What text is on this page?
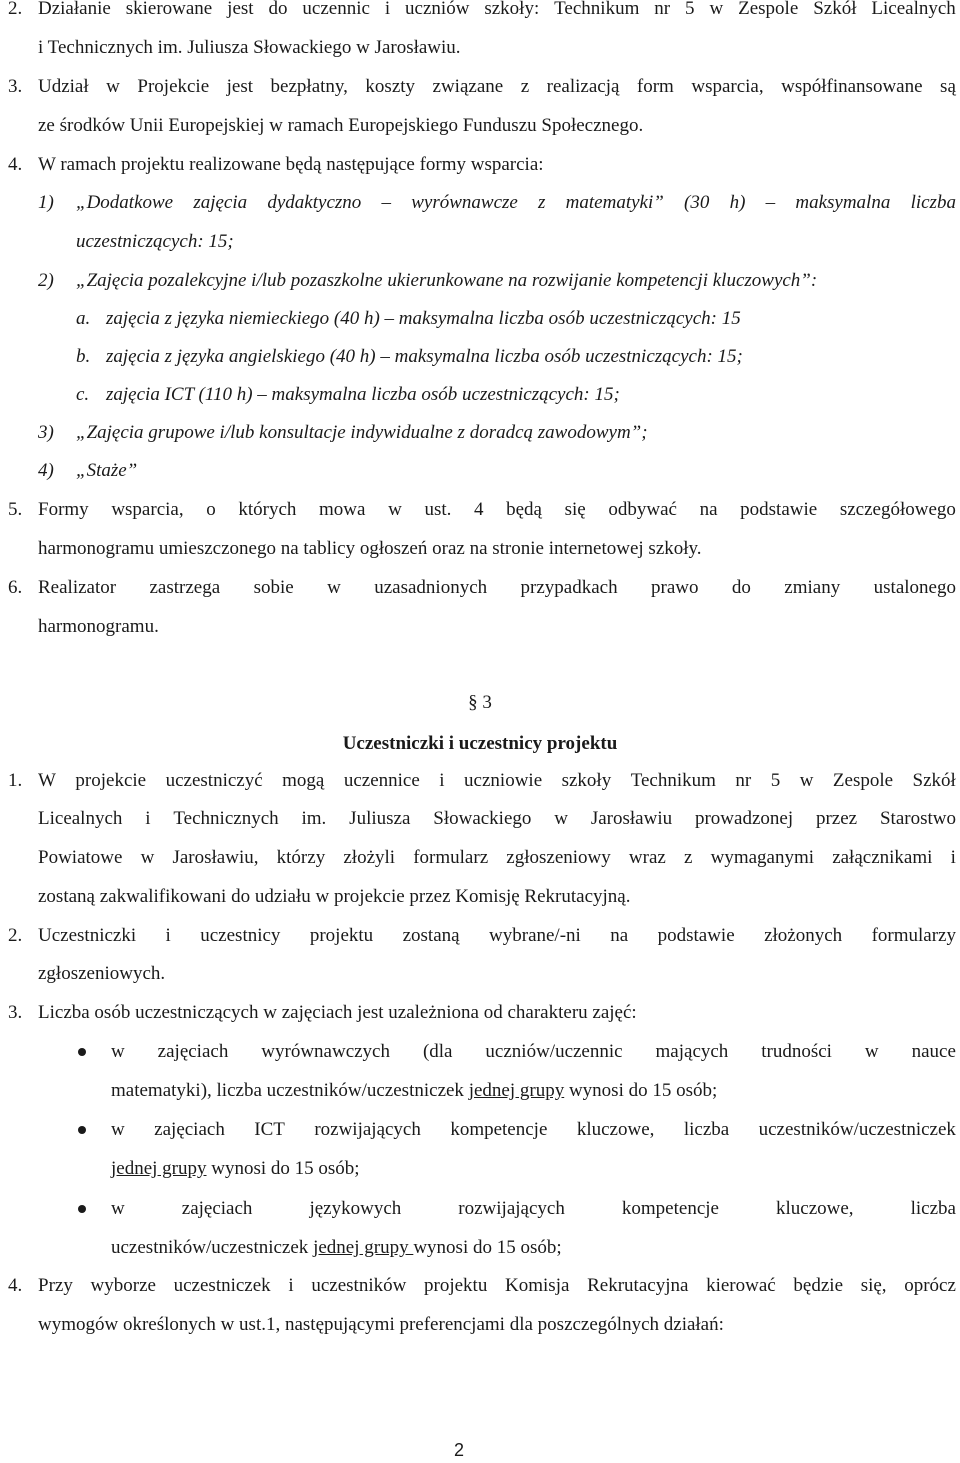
2. Działanie skierowane jest do uczennic i uczniów szkoły: Technikum nr 5 w Zespole Szkół Licealnych
i Technicznych im. Juliusza Słowackiego w Jarosławiu.
3. Udział w Projekcie jest bezpłatny, koszty związane z realizacją form wsparcia, współfinansowane są
ze środków Unii Europejskiej w ramach Europejskiego Funduszu Społecznego.
4. W ramach projektu realizowane będą następujące formy wsparcia:
1) „Dodatkowe zajęcia dydaktyczno – wyrównawcze z matematyki” (30 h) – maksymalna liczba
uczestniczących: 15;
2) „Zajęcia pozalekcyjne i/lub pozaszkolne ukierunkowane na rozwijanie kompetencji kluczowych”:
a. zajęcia z języka niemieckiego (40 h) – maksymalna liczba osób uczestniczących: 15
b. zajęcia z języka angielskiego (40 h) – maksymalna liczba osób uczestniczących: 15;
c. zajęcia ICT (110 h) – maksymalna liczba osób uczestniczących: 15;
3) „Zajęcia grupowe i/lub konsultacje indywidualne z doradcą zawodowym”;
4) „Staże”
5. Formy wsparcia, o których mowa w ust. 4 będą się odbywać na podstawie szczegółowego
harmonogramu umieszczonego na tablicy ogłoszeń oraz na stronie internetowej szkoły.
6. Realizator zastrzega sobie w uzasadnionych przypadkach prawo do zmiany ustalonego
harmonogramu.
§ 3
Uczestniczki i uczestnicy projektu
1. W projekcie uczestniczyć mogą uczennice i uczniowie szkoły Technikum nr 5 w Zespole Szkół
Licealnych i Technicznych im. Juliusza Słowackiego w Jarosławiu prowadzonej przez Starostwo
Powiatowe w Jarosławiu, którzy złożyli formularz zgłoszeniowy wraz z wymaganymi załącznikami i
zostaną zakwalifikowani do udziału w projekcie przez Komisję Rekrutacyjną.
2. Uczestniczki i uczestnicy projektu zostaną wybrane/-ni na podstawie złożonych formularzy
zgłoszeniowych.
3. Liczba osób uczestniczących w zajęciach jest uzależniona od charakteru zajęć:
w zajęciach wyrównawczych (dla uczniów/uczennic mających trudności w nauce
matematyki), liczba uczestników/uczestniczek jednej grupy wynosi do 15 osób;
w zajęciach ICT rozwijających kompetencje kluczowe, liczba uczestników/uczestniczek
jednej grupy wynosi do 15 osób;
w	zajęciach	językowych	rozwijających	kompetencje	kluczowe,	liczba
uczestników/uczestniczek jednej grupy wynosi do 15 osób;
4. Przy wyborze uczestniczek i uczestników projektu Komisja Rekrutacyjna kierować będzie się, oprócz
wymogów określonych w ust.1, następującymi preferencjami dla poszczególnych działań:
2
